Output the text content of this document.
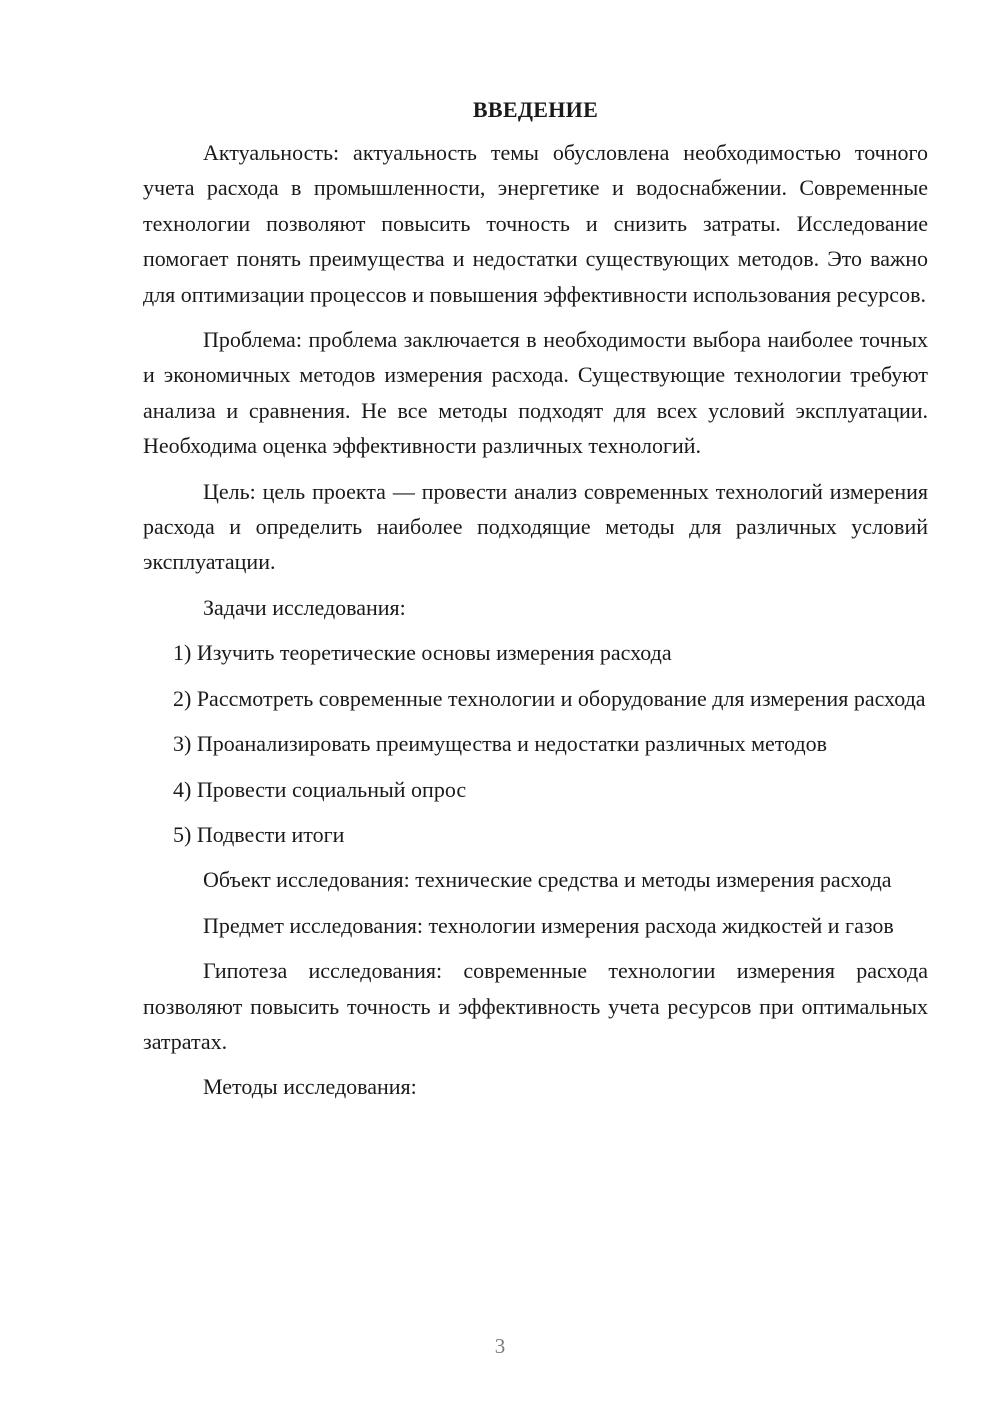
ВВЕДЕНИЕ

Актуальность: актуальность темы обусловлена необходимостью точного учета расхода в промышленности, энергетике и водоснабжении. Современные технологии позволяют повысить точность и снизить затраты. Исследование помогает понять преимущества и недостатки существующих методов. Это важно для оптимизации процессов и повышения эффективности использования ресурсов.

Проблема: проблема заключается в необходимости выбора наиболее точных и экономичных методов измерения расхода. Существующие технологии требуют анализа и сравнения. Не все методы подходят для всех условий эксплуатации. Необходима оценка эффективности различных технологий.

Цель: цель проекта — провести анализ современных технологий измерения расхода и определить наиболее подходящие методы для различных условий эксплуатации.

Задачи исследования:

1) Изучить теоретические основы измерения расхода

2) Рассмотреть современные технологии и оборудование для измерения расхода

3) Проанализировать преимущества и недостатки различных методов

4) Провести социальный опрос

5) Подвести итоги

Объект исследования: технические средства и методы измерения расхода

Предмет исследования: технологии измерения расхода жидкостей и газов

Гипотеза исследования: современные технологии измерения расхода позволяют повысить точность и эффективность учета ресурсов при оптимальных затратах.

Методы исследования:

3
